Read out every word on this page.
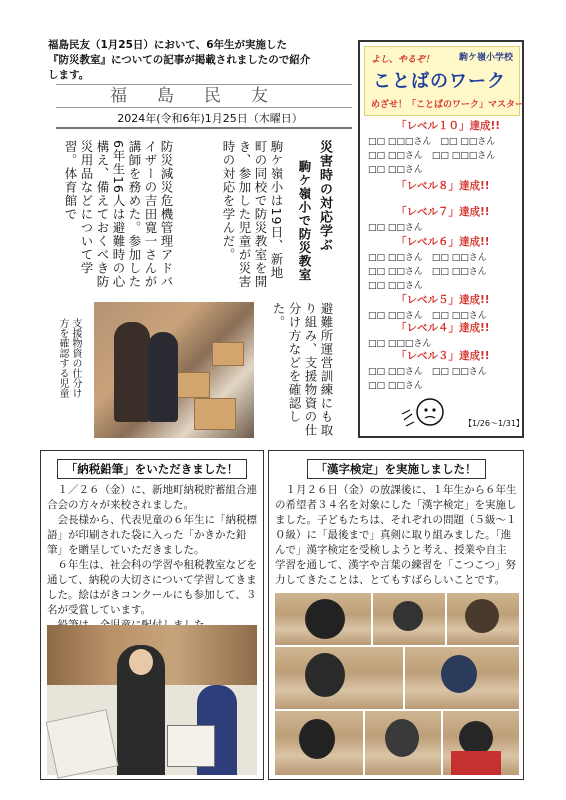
福島民友（1月25日）において、6年生が実施した
『防災教室』についての記事が掲載されましたので紹介
します。
福島民友
2024年(令和6年)1月25日（木曜日）
災害時の対応学ぶ
駒ケ嶺小で防災教室
駒ケ嶺小は19日、新地町の同校で防災教室を開き、参加した児童が災害時の対応を学んだ。
防災減災危機管理アドバイザーの吉田寛一さんが講師を務めた。参加した6年生16人は避難時の心構え、備えておくべき防災用品などについて学習。体育館で
避難所運営訓練にも取り組み、支援物資の仕分け方などを確認した。
支援物資の仕分け方を確認する児童
よし、やるぞ！	駒ケ嶺小学校
ことばのワーク
めざせ！「ことばのワーク」マスター
「レベル１０」達成!!
□□ □□□さん　□□ □□さん
□□ □□さん　□□ □□□さん
□□ □□さん
「レベル８」達成!!
「レベル７」達成!!
□□ □□さん
「レベル６」達成!!
□□ □□さん　□□ □□さん
□□ □□さん　□□ □□さん
□□ □□さん
「レベル５」達成!!
□□ □□さん　□□ □□さん
「レベル４」達成!!
□□ □□□さん
「レベル３」達成!!
□□ □□さん　□□ □□さん
□□ □□さん
【1/26～1/31】
「納税鉛筆」をいただきました！

１／２６（金）に、新地町納税貯蓄組合連合会の方々が来校されました。

会長様から、代表児童の６年生に「納税標語」が印刷された袋に入った「かきかた鉛筆」を贈呈していただきました。

６年生は、社会科の学習や租税教室などを通して、納税の大切さについて学習してきました。絵はがきコンクールにも参加して、３名が受賞しています。

「漢字検定」を実施しました！

１月２６日（金）の放課後に、１年生から６年生の希望者３４名を対象にした「漢字検定」を実施しました。子どもたちは、それぞれの問題（５級～１０級）に「最後まで」真剣に取り組みました。「進んで」漢字検定を受検しようと考え、授業や自主学習を通して、漢字や言葉の練習を「こつこつ」努力してきたことは、とてもすばらしいことです。
